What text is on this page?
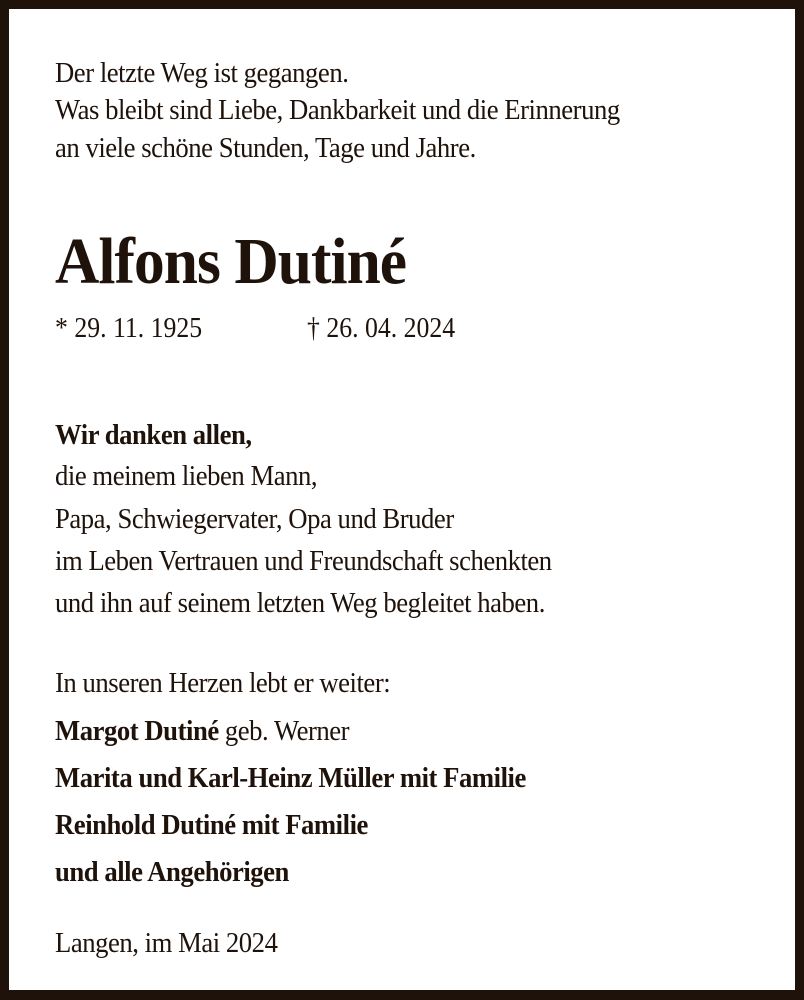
Der letzte Weg ist gegangen.
Was bleibt sind Liebe, Dankbarkeit und die Erinnerung
an viele schöne Stunden, Tage und Jahre.
Alfons Dutiné
* 29. 11. 1925	† 26. 04. 2024
Wir danken allen,
die meinem lieben Mann,
Papa, Schwiegervater, Opa und Bruder
im Leben Vertrauen und Freundschaft schenkten
und ihn auf seinem letzten Weg begleitet haben.
In unseren Herzen lebt er weiter:
Margot Dutiné geb. Werner
Marita und Karl-Heinz Müller mit Familie
Reinhold Dutiné mit Familie
und alle Angehörigen
Langen, im Mai 2024
